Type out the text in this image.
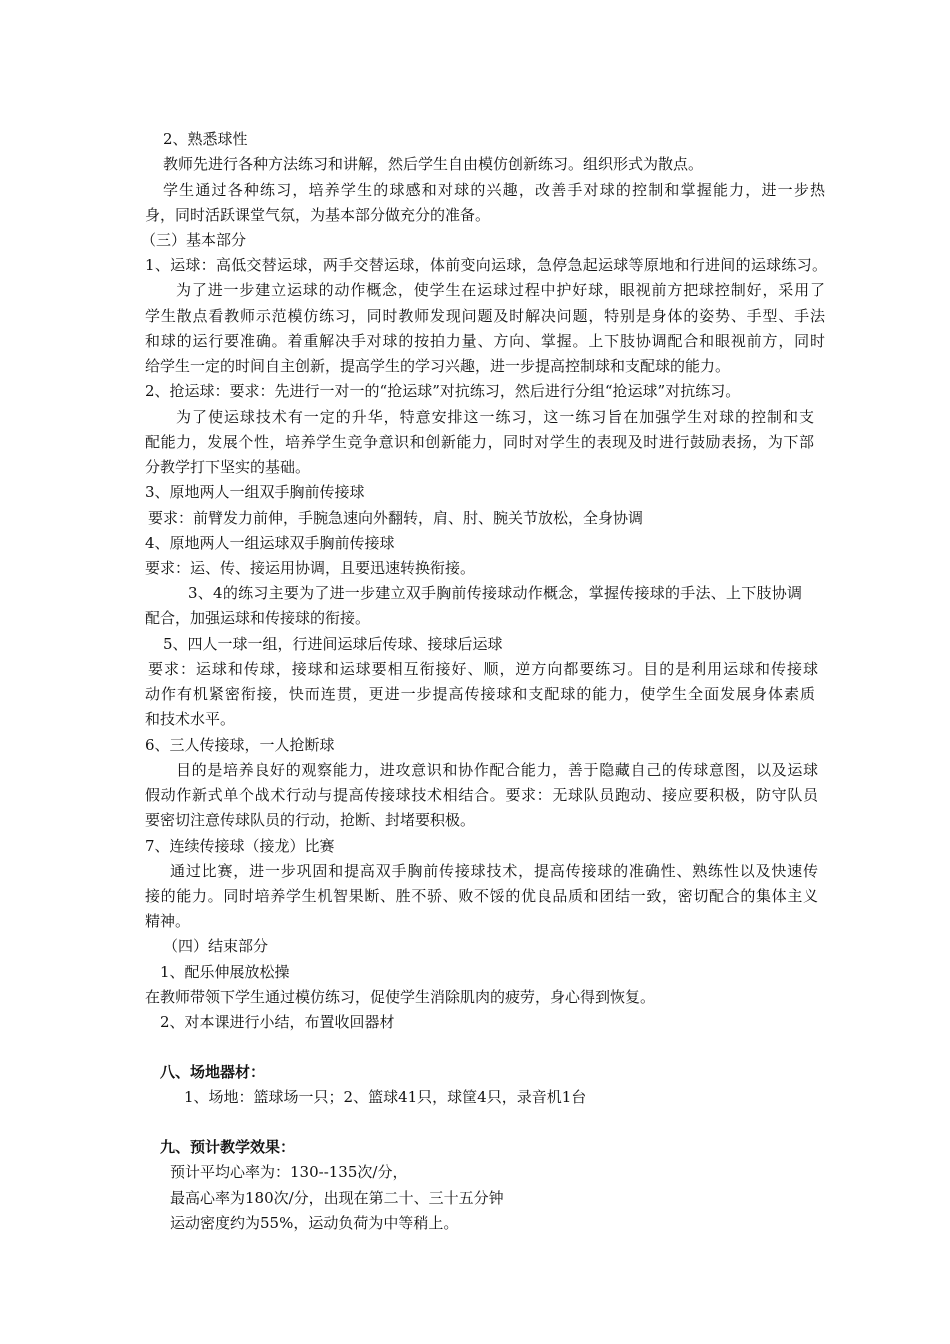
2、熟悉球性
教师先进行各种方法练习和讲解，然后学生自由模仿创新练习。组织形式为散点。
学生通过各种练习，培养学生的球感和对球的兴趣，改善手对球的控制和掌握能力，进一步热
身，同时活跃课堂气氛，为基本部分做充分的准备。
（三）基本部分
1、运球：高低交替运球，两手交替运球，体前变向运球，急停急起运球等原地和行进间的运球练习。
为了进一步建立运球的动作概念，使学生在运球过程中护好球，眼视前方把球控制好，采用了
学生散点看教师示范模仿练习，同时教师发现问题及时解决问题，特别是身体的姿势、手型、手法
和球的运行要准确。着重解决手对球的按拍力量、方向、掌握。上下肢协调配合和眼视前方，同时
给学生一定的时间自主创新，提高学生的学习兴趣，进一步提高控制球和支配球的能力。
2、抢运球：要求：先进行一对一的“抢运球”对抗练习，然后进行分组“抢运球”对抗练习。
为了使运球技术有一定的升华，特意安排这一练习，这一练习旨在加强学生对球的控制和支
配能力，发展个性，培养学生竞争意识和创新能力，同时对学生的表现及时进行鼓励表扬，为下部
分教学打下坚实的基础。
3、原地两人一组双手胸前传接球
要求：前臂发力前伸，手腕急速向外翻转，肩、肘、腕关节放松，全身协调
4、原地两人一组运球双手胸前传接球
要求：运、传、接运用协调，且要迅速转换衔接。
3、4的练习主要为了进一步建立双手胸前传接球动作概念，掌握传接球的手法、上下肢协调
配合，加强运球和传接球的衔接。
5、四人一球一组，行进间运球后传球、接球后运球
要求：运球和传球，接球和运球要相互衔接好、顺，逆方向都要练习。目的是利用运球和传接球
动作有机紧密衔接，快而连贯，更进一步提高传接球和支配球的能力，使学生全面发展身体素质
和技术水平。
6、三人传接球，一人抢断球
目的是培养良好的观察能力，进攻意识和协作配合能力，善于隐藏自己的传球意图，以及运球
假动作新式单个战术行动与提高传接球技术相结合。要求：无球队员跑动、接应要积极，防守队员
要密切注意传球队员的行动，抢断、封堵要积极。
7、连续传接球（接龙）比赛
通过比赛，进一步巩固和提高双手胸前传接球技术，提高传接球的准确性、熟练性以及快速传
接的能力。同时培养学生机智果断、胜不骄、败不馁的优良品质和团结一致，密切配合的集体主义
精神。
（四）结束部分
1、配乐伸展放松操
在教师带领下学生通过模仿练习，促使学生消除肌肉的疲劳，身心得到恢复。
2、对本课进行小结，布置收回器材
八、场地器材：
1、场地：篮球场一只；2、篮球41只，球筐4只，录音机1台
九、预计教学效果：
预计平均心率为：130--135次/分，
最高心率为180次/分，出现在第二十、三十五分钟
运动密度约为55%，运动负荷为中等稍上。
